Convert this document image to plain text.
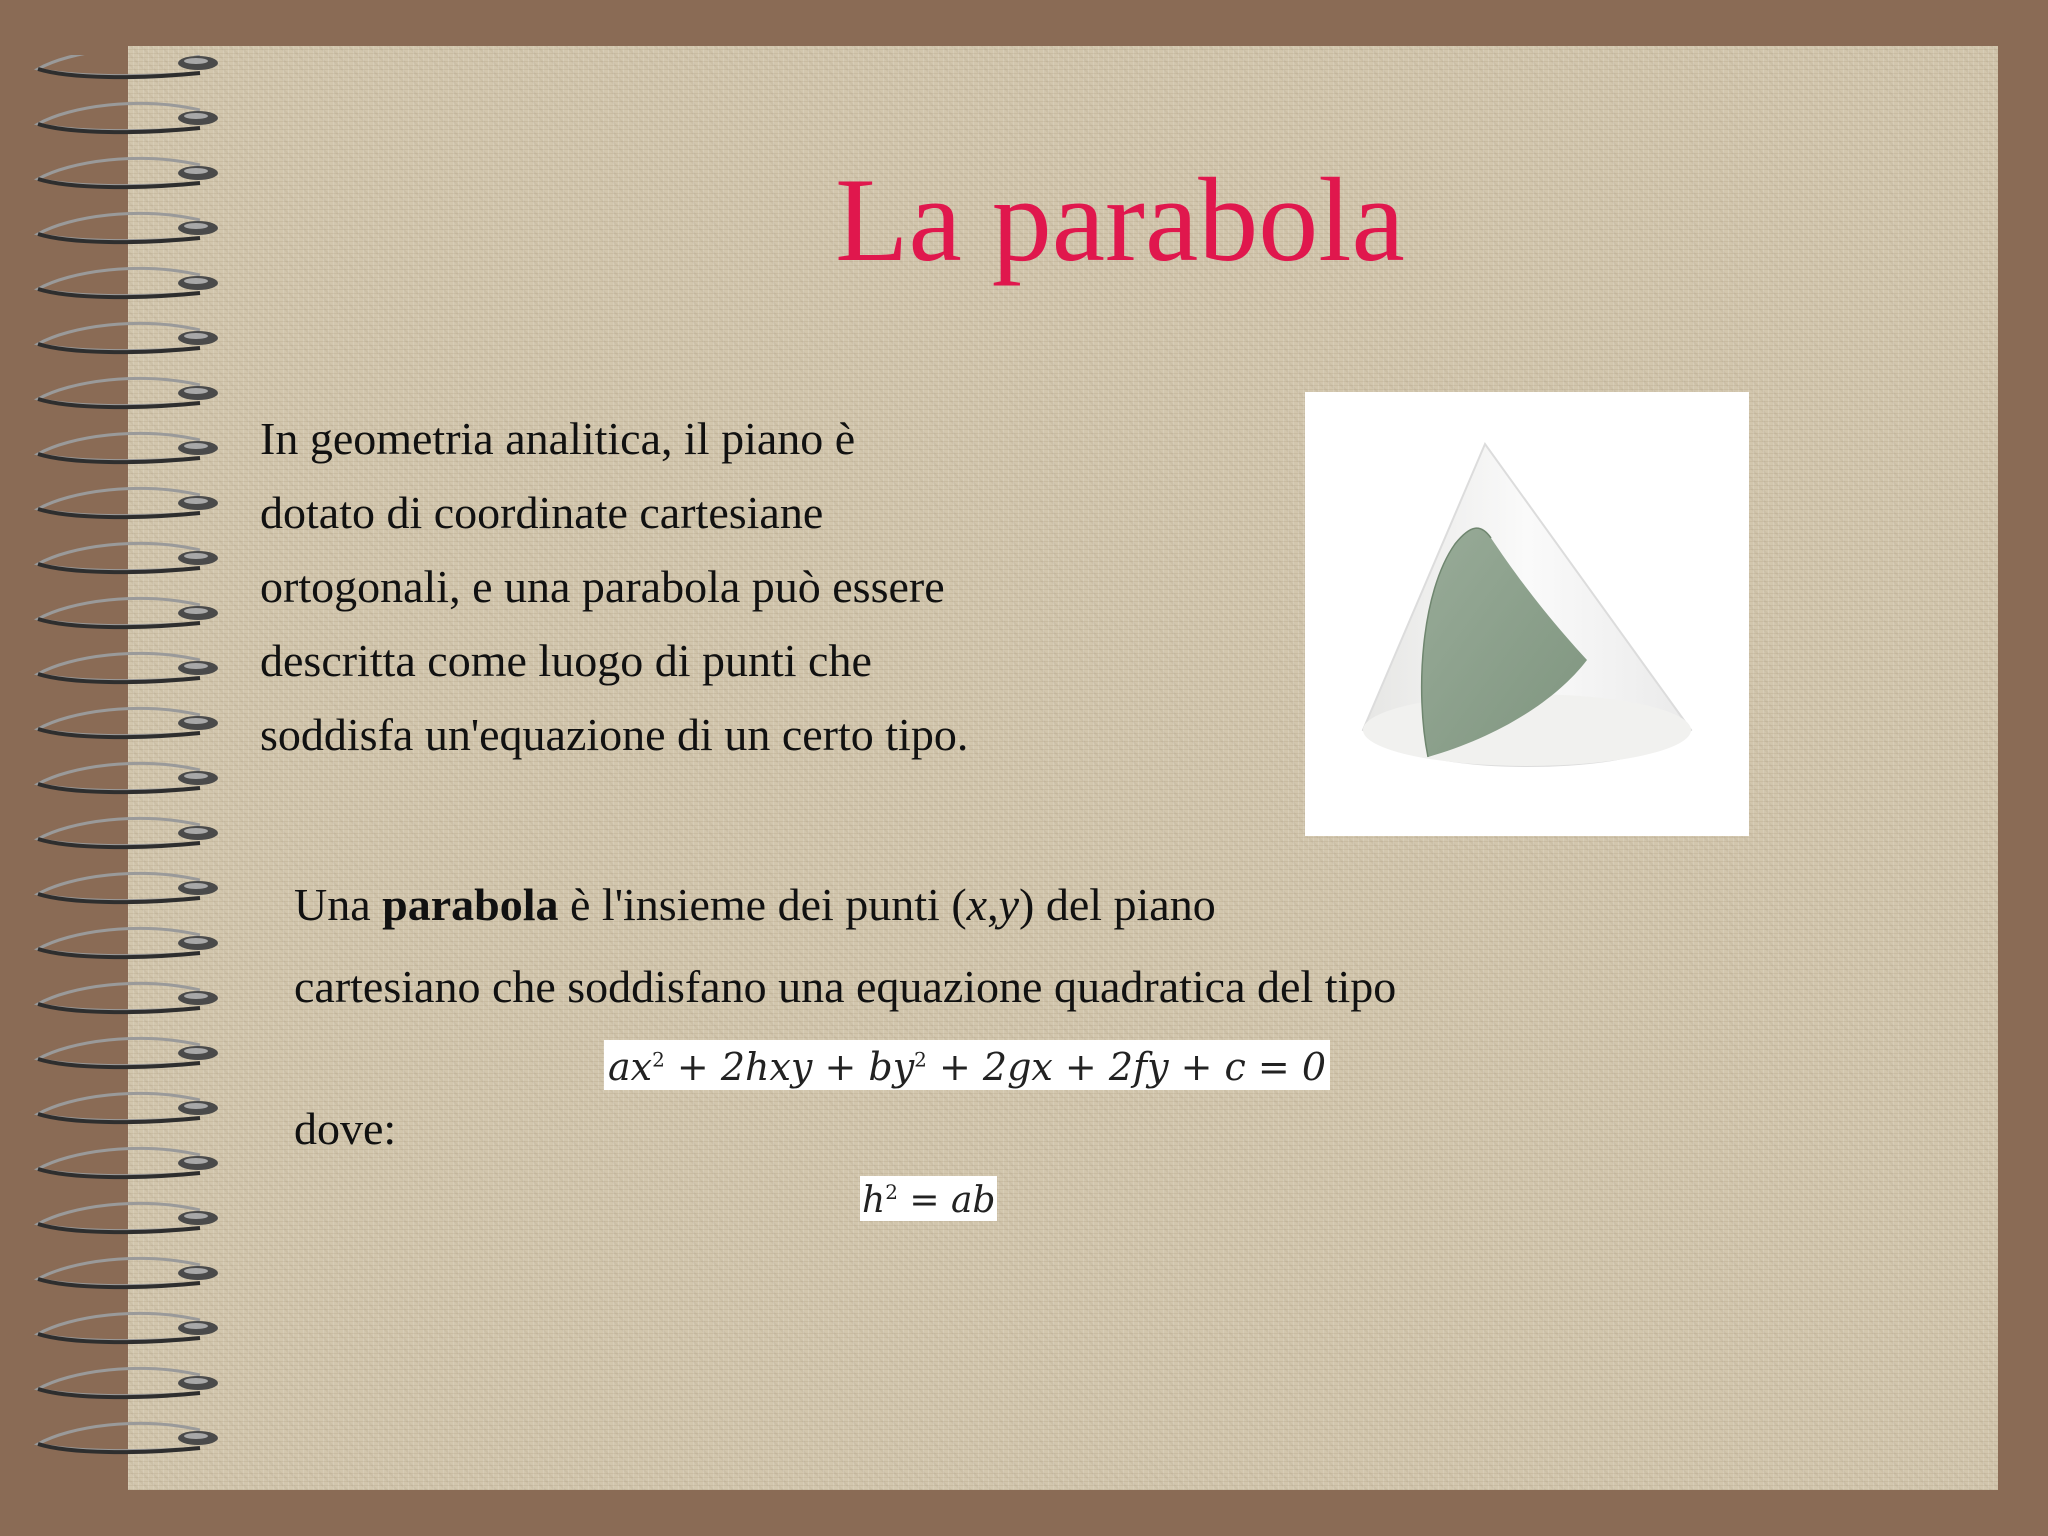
La parabola

In geometria analitica, il piano è
dotato di coordinate cartesiane
ortogonali, e una parabola può essere
descritta come luogo di punti che
soddisfa un'equazione di un certo tipo.

Una parabola è l'insieme dei punti (x,y) del piano
cartesiano che soddisfano una equazione quadratica del tipo

$ax^2 + 2hxy + by^2 + 2gx + 2fy + c = 0$

dove:

$h^2$ = ab
